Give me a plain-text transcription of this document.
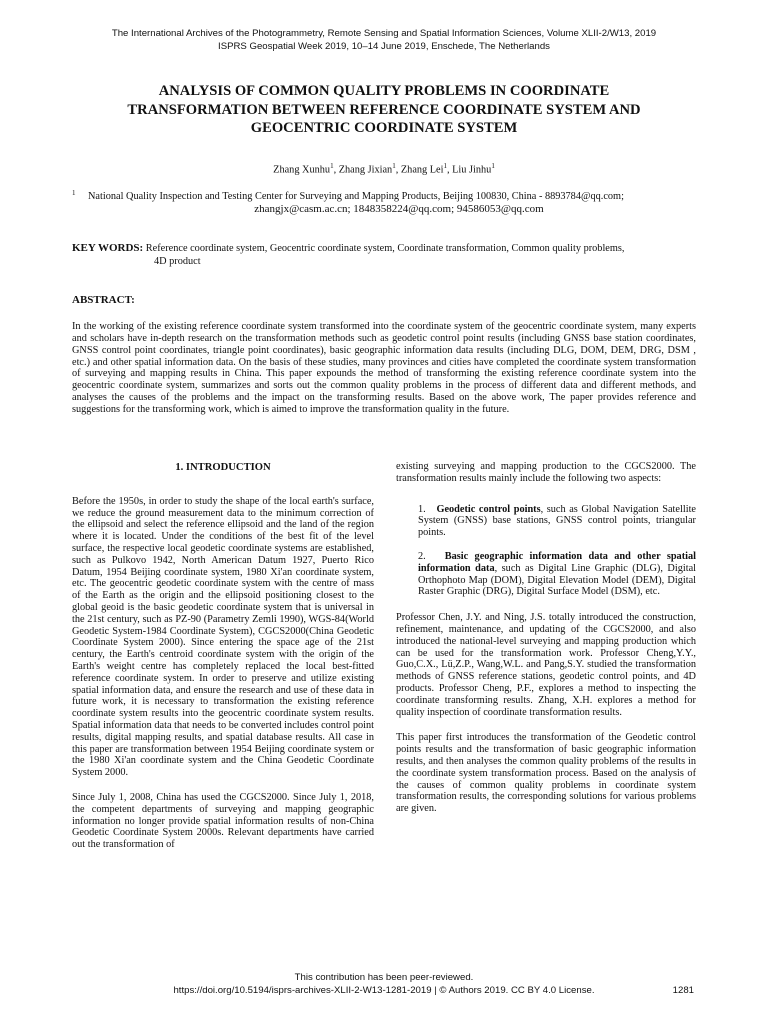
The International Archives of the Photogrammetry, Remote Sensing and Spatial Information Sciences, Volume XLII-2/W13, 2019
ISPRS Geospatial Week 2019, 10–14 June 2019, Enschede, The Netherlands
ANALYSIS OF COMMON QUALITY PROBLEMS IN COORDINATE
TRANSFORMATION BETWEEN REFERENCE COORDINATE SYSTEM AND
GEOCENTRIC COORDINATE SYSTEM
Zhang Xunhu$^1$, Zhang Jixian$^1$, Zhang Lei$^1$, Liu Jinhu$^1$
1	National Quality Inspection and Testing Center for Surveying and Mapping Products, Beijing 100830, China - 8893784@qq.com;
zhangjx@casm.ac.cn; 1848358224@qq.com; 94586053@qq.com
KEY WORDS: Reference coordinate system, Geocentric coordinate system, Coordinate transformation, Common quality problems,
4D product
ABSTRACT:
In the working of the existing reference coordinate system transformed into the coordinate system of the geocentric coordinate system, many experts and scholars have in-depth research on the transformation methods such as geodetic control point results (including GNSS base station coordinates, GNSS control point coordinates, triangle point coordinates), basic geographic information data results (including DLG, DOM, DEM, DRG, DSM , etc.) and other spatial information data. On the basis of these studies, many provinces and cities have completed the coordinate system transformation of surveying and mapping results in China. This paper expounds the method of transforming the existing reference coordinate system into the geocentric coordinate system, summarizes and sorts out the common quality problems in the process of different data and different methods, and analyses the causes of the problems and the impact on the transforming results. Based on the above work, The paper provides reference and suggestions for the transforming work, which is aimed to improve the transformation quality in the future.
1. INTRODUCTION

Before the 1950s, in order to study the shape of the local earth's surface, we reduce the ground measurement data to the minimum correction of the ellipsoid and select the reference ellipsoid and the land of the region where it is located. Under the conditions of the best fit of the level surface, the respective local geodetic coordinate systems are established, such as Pulkovo 1942, North American Datum 1927, Puerto Rico Datum, 1954 Beijing coordinate system, 1980 Xi'an coordinate system, etc. The geocentric geodetic coordinate system with the centre of mass of the Earth as the origin and the ellipsoid positioning closest to the global geoid is the basic geodetic coordinate system that is universal in the 21st century, such as PZ-90 (Parametry Zemli 1990), WGS-84(World Geodetic System-1984 Coordinate System), CGCS2000(China Geodetic Coordinate System 2000). Since entering the space age of the 21st century, the Earth's centroid coordinate system with the origin of the Earth's weight centre has completely replaced the local best-fitted reference coordinate system. In order to preserve and utilize existing spatial information data, and ensure the research and use of these data in future work, it is necessary to transformation the existing reference coordinate system results into the geocentric coordinate system results. Spatial information data that needs to be converted includes control point results, digital mapping results, and spatial database results. All case in this paper are transformation between 1954 Beijing coordinate system or the 1980 Xi'an coordinate system and the China Geodetic Coordinate System 2000.

Since July 1, 2008, China has used the CGCS2000. Since July 1, 2018, the competent departments of surveying and mapping geographic information no longer provide spatial information results of non-China Geodetic Coordinate System 2000s. Relevant departments have carried out the transformation of

existing surveying and mapping production to the CGCS2000. The transformation results mainly include the following two aspects:

1. Geodetic control points, such as Global Navigation Satellite System (GNSS) base stations, GNSS control points, triangular points.

2. Basic geographic information data and other spatial information data, such as Digital Line Graphic (DLG), Digital Orthophoto Map (DOM), Digital Elevation Model (DEM), Digital Raster Graphic (DRG), Digital Surface Model (DSM), etc.

Professor Chen, J.Y. and Ning, J.S. totally introduced the construction, refinement, maintenance, and updating of the CGCS2000, and also introduced the national-level surveying and mapping production which can be used for the transformation work. Professor Cheng,Y.Y., Guo,C.X., Lü,Z.P., Wang,W.L. and Pang,S.Y. studied the transformation methods of GNSS reference stations, geodetic control points, and 4D products. Professor Cheng, P.F., explores a method to inspecting the coordinate transforming results. Zhang, X.H. explores a method for quality inspection of coordinate transformation results.

This paper first introduces the transformation of the Geodetic control points results and the transformation of basic geographic information results, and then analyses the common quality problems of the results in the coordinate system transformation process. Based on the analysis of the causes of common quality problems in coordinate system transformation results, the corresponding solutions for various problems are given.

This contribution has been peer-reviewed.
https://doi.org/10.5194/isprs-archives-XLII-2-W13-1281-2019 | © Authors 2019. CC BY 4.0 License.	1281
